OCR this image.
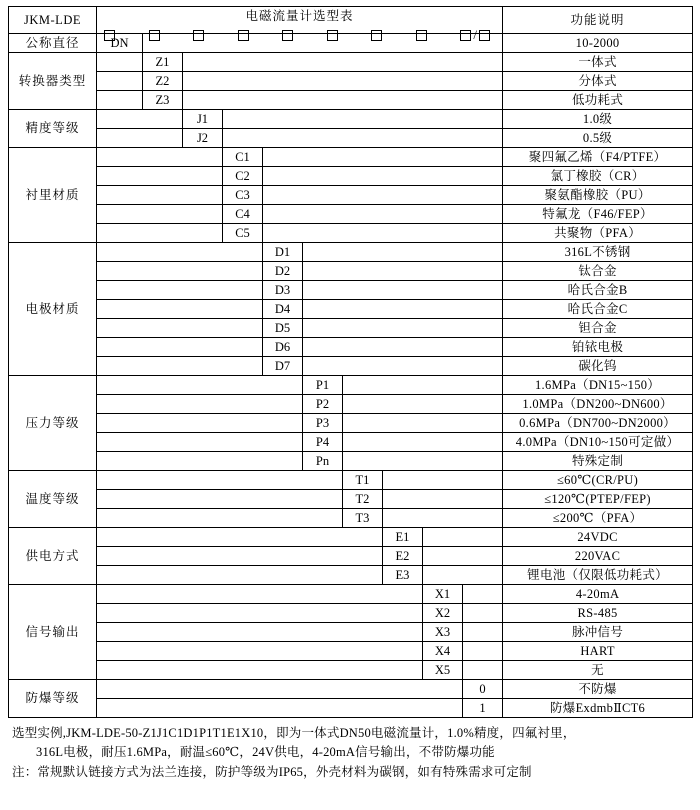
JKM-LDE	电磁流量计选型表										功能说明
公称直径	DN										10-2000
转换器类型		Z1									一体式
		Z2									分体式
		Z3									低功耗式
精度等级			J1								1.0级
			J2								0.5级
衬里材质				C1							聚四氟乙烯（F4/PTFE）
				C2							氯丁橡胶（CR）
				C3							聚氨酯橡胶（PU）
				C4							特氟龙（F46/FEP）
				C5							共聚物（PFA）
电极材质					D1						316L不锈钢
					D2						钛合金
					D3						哈氏合金B
					D4						哈氏合金C
					D5						钽合金
					D6						铂铱电极
					D7						碳化钨
压力等级						P1					1.6MPa（DN15~150）
						P2					1.0MPa（DN200~DN600）
						P3					0.6MPa（DN700~DN2000）
						P4					4.0MPa（DN10~150可定做）
						Pn					特殊定制
温度等级							T1				≤60℃(CR/PU)
							T2				≤120℃(PTEP/FEP)
							T3				≤200℃（PFA）
供电方式								E1			24VDC
								E2			220VAC
								E3			锂电池（仅限低功耗式）
信号输出									X1		4-20mA
									X2		RS-485
									X3		脉冲信号
									X4		HART
									X5		无
防爆等级										0	不防爆
										1	防爆ExdmbⅡCT6
/
选型实例,JKM-LDE-50-Z1J1C1D1P1T1E1X10，即为一体式DN50电磁流量计，1.0%精度，四氟衬里，
316L电极，耐压1.6MPa，耐温≤60℃，24V供电，4-20mA信号输出，不带防爆功能
注：常规默认链接方式为法兰连接，防护等级为IP65，外壳材料为碳钢，如有特殊需求可定制
